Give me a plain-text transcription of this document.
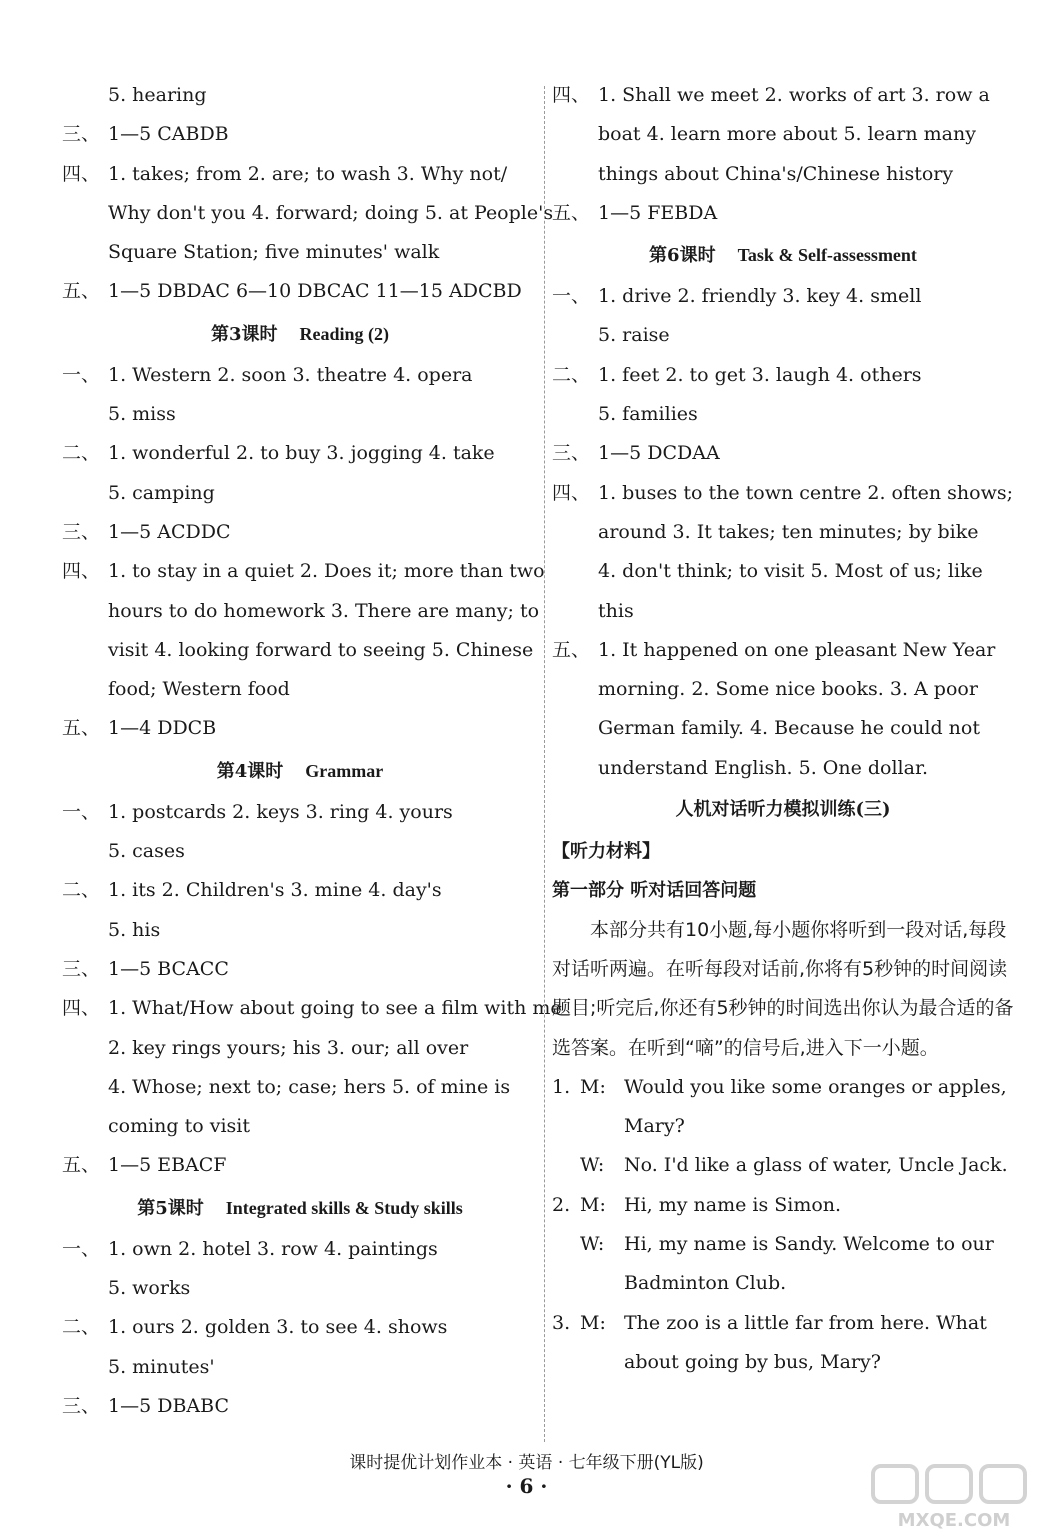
5. hearing
三、 1—5 CABDB
四、 1. takes; from 2. are; to wash 3. Why not/
Why don't you 4. forward; doing 5. at People's
Square Station; five minutes' walk
五、 1—5 DBDAC 6—10 DBCAC 11—15 ADCBD
第3课时 Reading (2)
一、 1. Western 2. soon 3. theatre 4. opera
5. miss
二、 1. wonderful 2. to buy 3. jogging 4. take
5. camping
三、 1—5 ACDDC
四、 1. to stay in a quiet 2. Does it; more than two
hours to do homework 3. There are many; to
visit 4. looking forward to seeing 5. Chinese
food; Western food
五、 1—4 DDCB
第4课时 Grammar
一、 1. postcards 2. keys 3. ring 4. yours
5. cases
二、 1. its 2. Children's 3. mine 4. day's
5. his
三、 1—5 BCACC
四、 1. What/How about going to see a film with me
2. key rings yours; his 3. our; all over
4. Whose; next to; case; hers 5. of mine is
coming to visit
五、 1—5 EBACF
第5课时 Integrated skills & Study skills
一、 1. own 2. hotel 3. row 4. paintings
5. works
二、 1. ours 2. golden 3. to see 4. shows
5. minutes'
三、 1—5 DBABC
四、 1. Shall we meet 2. works of art 3. row a
boat 4. learn more about 5. learn many
things about China's/Chinese history
五、 1—5 FEBDA
第6课时 Task & Self-assessment
一、 1. drive 2. friendly 3. key 4. smell
5. raise
二、 1. feet 2. to get 3. laugh 4. others
5. families
三、 1—5 DCDAA
四、 1. buses to the town centre 2. often shows;
around 3. It takes; ten minutes; by bike
4. don't think; to visit 5. Most of us; like
this
五、 1. It happened on one pleasant New Year
morning. 2. Some nice books. 3. A poor
German family. 4. Because he could not
understand English. 5. One dollar.
人机对话听力模拟训练(三)
【听力材料】
第一部分 听对话回答问题
本部分共有10小题,每小题你将听到一段对话,每段对话听两遍。在听每段对话前,你将有5秒钟的时间阅读题目;听完后,你还有5秒钟的时间选出你认为最合适的备选答案。在听到“嘀”的信号后,进入下一小题。
1. M: Would you like some oranges or apples, Mary?
W:	No. I'd like a glass of water, Uncle Jack.
2. M: Hi, my name is Simon.
W:	Hi, my name is Sandy. Welcome to our Badminton Club.
3. M: The zoo is a little far from here. What about going by bus, Mary?
课时提优计划作业本 · 英语 · 七年级下册(YL版)
· 6 ·
MXQE.COM
